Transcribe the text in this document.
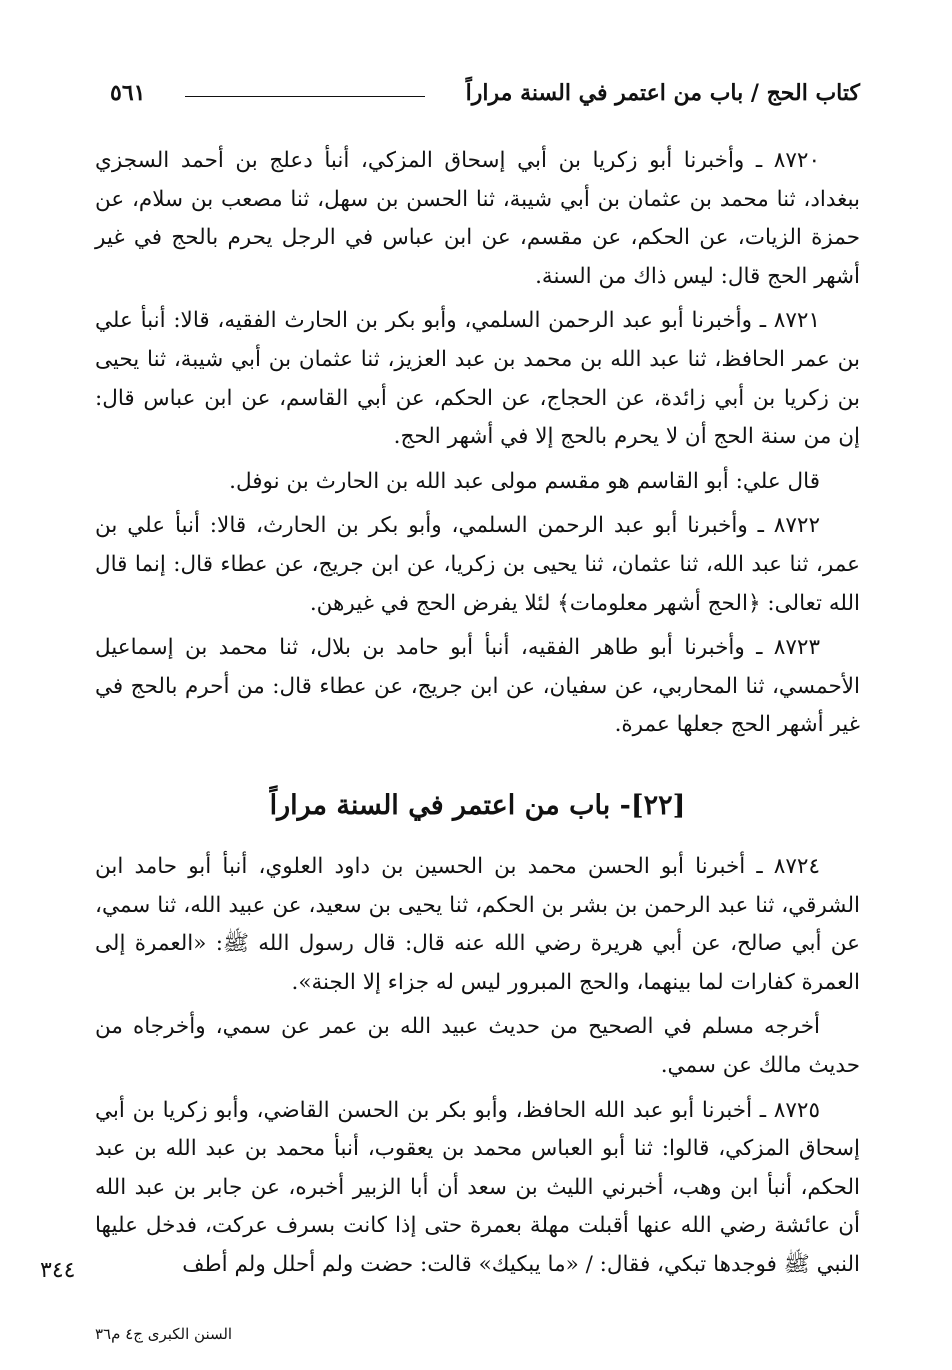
كتاب الحج / باب من اعتمر في السنة مراراً
٥٦١

٨٧٢٠ ـ وأخبرنا أبو زكريا بن أبي إسحاق المزكي، أنبأ دعلج بن أحمد السجزي ببغداد، ثنا محمد بن عثمان بن أبي شيبة، ثنا الحسن بن سهل، ثنا مصعب بن سلام، عن حمزة الزيات، عن الحكم، عن مقسم، عن ابن عباس في الرجل يحرم بالحج في غير أشهر الحج قال: ليس ذاك من السنة.

٨٧٢١ ـ وأخبرنا أبو عبد الرحمن السلمي، وأبو بكر بن الحارث الفقيه، قالا: أنبأ علي بن عمر الحافظ، ثنا عبد الله بن محمد بن عبد العزيز، ثنا عثمان بن أبي شيبة، ثنا يحيى بن زكريا بن أبي زائدة، عن الحجاج، عن الحكم، عن أبي القاسم، عن ابن عباس قال: إن من سنة الحج أن لا يحرم بالحج إلا في أشهر الحج.

قال علي: أبو القاسم هو مقسم مولى عبد الله بن الحارث بن نوفل.

٨٧٢٢ ـ وأخبرنا أبو عبد الرحمن السلمي، وأبو بكر بن الحارث، قالا: أنبأ علي بن عمر، ثنا عبد الله، ثنا عثمان، ثنا يحيى بن زكريا، عن ابن جريج، عن عطاء قال: إنما قال الله تعالى: ﴿الحج أشهر معلومات﴾ لئلا يفرض الحج في غيرهن.

٨٧٢٣ ـ وأخبرنا أبو طاهر الفقيه، أنبأ أبو حامد بن بلال، ثنا محمد بن إسماعيل الأحمسي، ثنا المحاربي، عن سفيان، عن ابن جريج، عن عطاء قال: من أحرم بالحج في غير أشهر الحج جعلها عمرة.

[٢٢]- باب من اعتمر في السنة مراراً

٨٧٢٤ ـ أخبرنا أبو الحسن محمد بن الحسين بن داود العلوي، أنبأ أبو حامد ابن الشرقي، ثنا عبد الرحمن بن بشر بن الحكم، ثنا يحيى بن سعيد، عن عبيد الله، ثنا سمي، عن أبي صالح، عن أبي هريرة رضي الله عنه قال: قال رسول الله ﷺ: «العمرة إلى العمرة كفارات لما بينهما، والحج المبرور ليس له جزاء إلا الجنة».

أخرجه مسلم في الصحيح من حديث عبيد الله بن عمر عن سمي، وأخرجاه من حديث مالك عن سمي.

٨٧٢٥ ـ أخبرنا أبو عبد الله الحافظ، وأبو بكر بن الحسن القاضي، وأبو زكريا بن أبي إسحاق المزكي، قالوا: ثنا أبو العباس محمد بن يعقوب، أنبأ محمد بن عبد الله بن عبد الحكم، أنبأ ابن وهب، أخبرني الليث بن سعد أن أبا الزبير أخبره، عن جابر بن عبد الله أن عائشة رضي الله عنها أقبلت مهلة بعمرة حتى إذا كانت بسرف عركت، فدخل عليها النبي ﷺ فوجدها تبكي، فقال: / «ما يبكيك» قالت: حضت ولم أحلل ولم أطف

٣٤٤
السنن الكبرى ج٤ م٣٦
